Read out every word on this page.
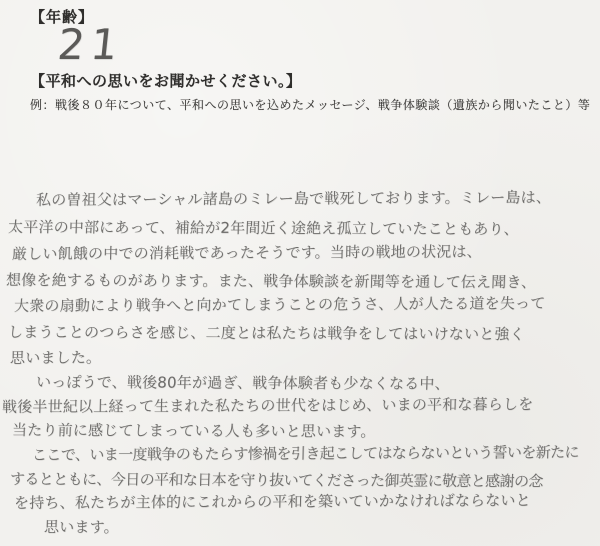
【年齢】
21
【平和への思いをお聞かせください。】
例：戦後８０年について、平和への思いを込めたメッセージ、戦争体験談（遺族から聞いたこと）等
私の曽祖父はマーシャル諸島のミレー島で戦死しております。ミレー島は、
太平洋の中部にあって、補給が2年間近く途絶え孤立していたこともあり、
厳しい飢餓の中での消耗戦であったそうです。当時の戦地の状況は、
想像を絶するものがあります。また、戦争体験談を新聞等を通して伝え聞き、
大衆の扇動により戦争へと向かてしまうことの危うさ、人が人たる道を失って
しまうことのつらさを感じ、二度とは私たちは戦争をしてはいけないと強く
思いました。
いっぽうで、戦後80年が過ぎ、戦争体験者も少なくなる中、
戦後半世紀以上経って生まれた私たちの世代をはじめ、いまの平和な暮らしを
当たり前に感じてしまっている人も多いと思います。
ここで、いま一度戦争のもたらす惨禍を引き起こしてはならないという誓いを新たに
するとともに、今日の平和な日本を守り抜いてくださった御英霊に敬意と感謝の念
を持ち、私たちが主体的にこれからの平和を築いていかなければならないと
思います。
